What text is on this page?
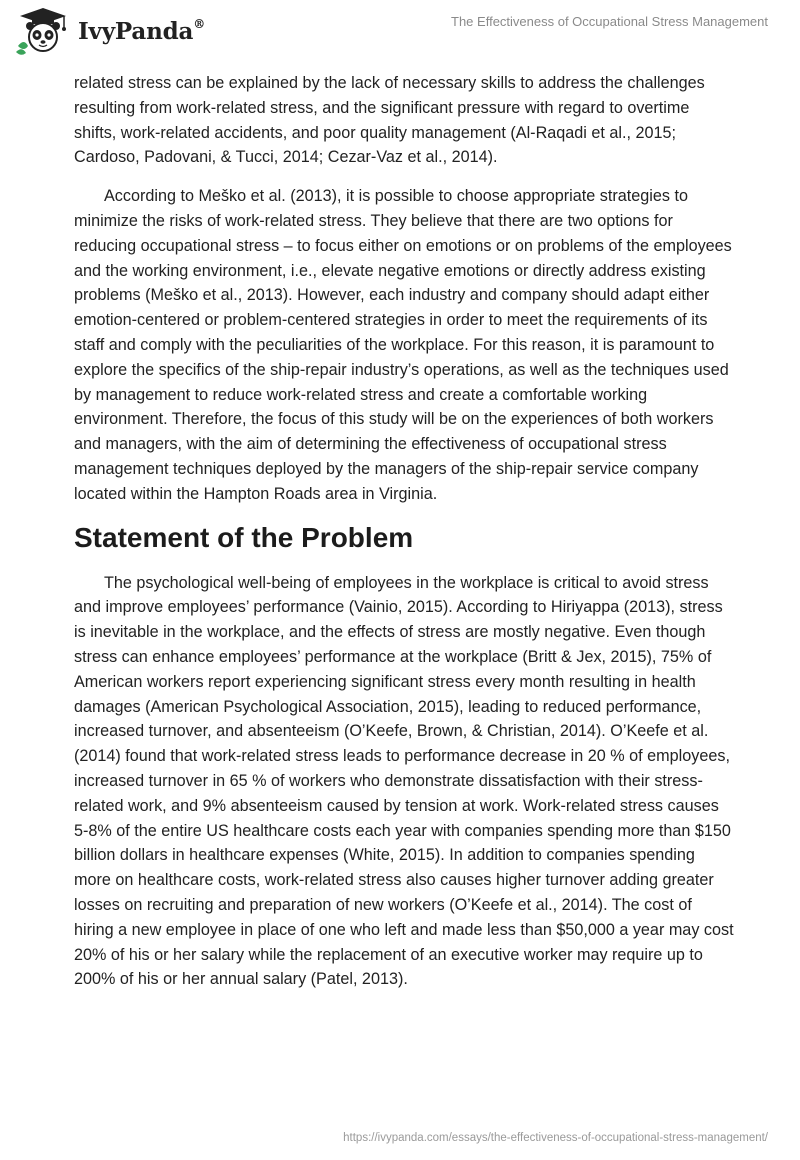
IvyPanda®	The Effectiveness of Occupational Stress Management

related stress can be explained by the lack of necessary skills to address the challenges resulting from work-related stress, and the significant pressure with regard to overtime shifts, work-related accidents, and poor quality management (Al-Raqadi et al., 2015; Cardoso, Padovani, & Tucci, 2014; Cezar-Vaz et al., 2014).

According to Meško et al. (2013), it is possible to choose appropriate strategies to minimize the risks of work-related stress. They believe that there are two options for reducing occupational stress – to focus either on emotions or on problems of the employees and the working environment, i.e., elevate negative emotions or directly address existing problems (Meško et al., 2013). However, each industry and company should adapt either emotion-centered or problem-centered strategies in order to meet the requirements of its staff and comply with the peculiarities of the workplace. For this reason, it is paramount to explore the specifics of the ship-repair industry’s operations, as well as the techniques used by management to reduce work-related stress and create a comfortable working environment. Therefore, the focus of this study will be on the experiences of both workers and managers, with the aim of determining the effectiveness of occupational stress management techniques deployed by the managers of the ship-repair service company located within the Hampton Roads area in Virginia.

Statement of the Problem

The psychological well-being of employees in the workplace is critical to avoid stress and improve employees’ performance (Vainio, 2015). According to Hiriyappa (2013), stress is inevitable in the workplace, and the effects of stress are mostly negative. Even though stress can enhance employees’ performance at the workplace (Britt & Jex, 2015), 75% of American workers report experiencing significant stress every month resulting in health damages (American Psychological Association, 2015), leading to reduced performance, increased turnover, and absenteeism (O’Keefe, Brown, & Christian, 2014). O’Keefe et al. (2014) found that work-related stress leads to performance decrease in 20 % of employees, increased turnover in 65 % of workers who demonstrate dissatisfaction with their stress-related work, and 9% absenteeism caused by tension at work. Work-related stress causes 5-8% of the entire US healthcare costs each year with companies spending more than $150 billion dollars in healthcare expenses (White, 2015). In addition to companies spending more on healthcare costs, work-related stress also causes higher turnover adding greater losses on recruiting and preparation of new workers (O’Keefe et al., 2014). The cost of hiring a new employee in place of one who left and made less than $50,000 a year may cost 20% of his or her salary while the replacement of an executive worker may require up to 200% of his or her annual salary (Patel, 2013).

https://ivypanda.com/essays/the-effectiveness-of-occupational-stress-management/
